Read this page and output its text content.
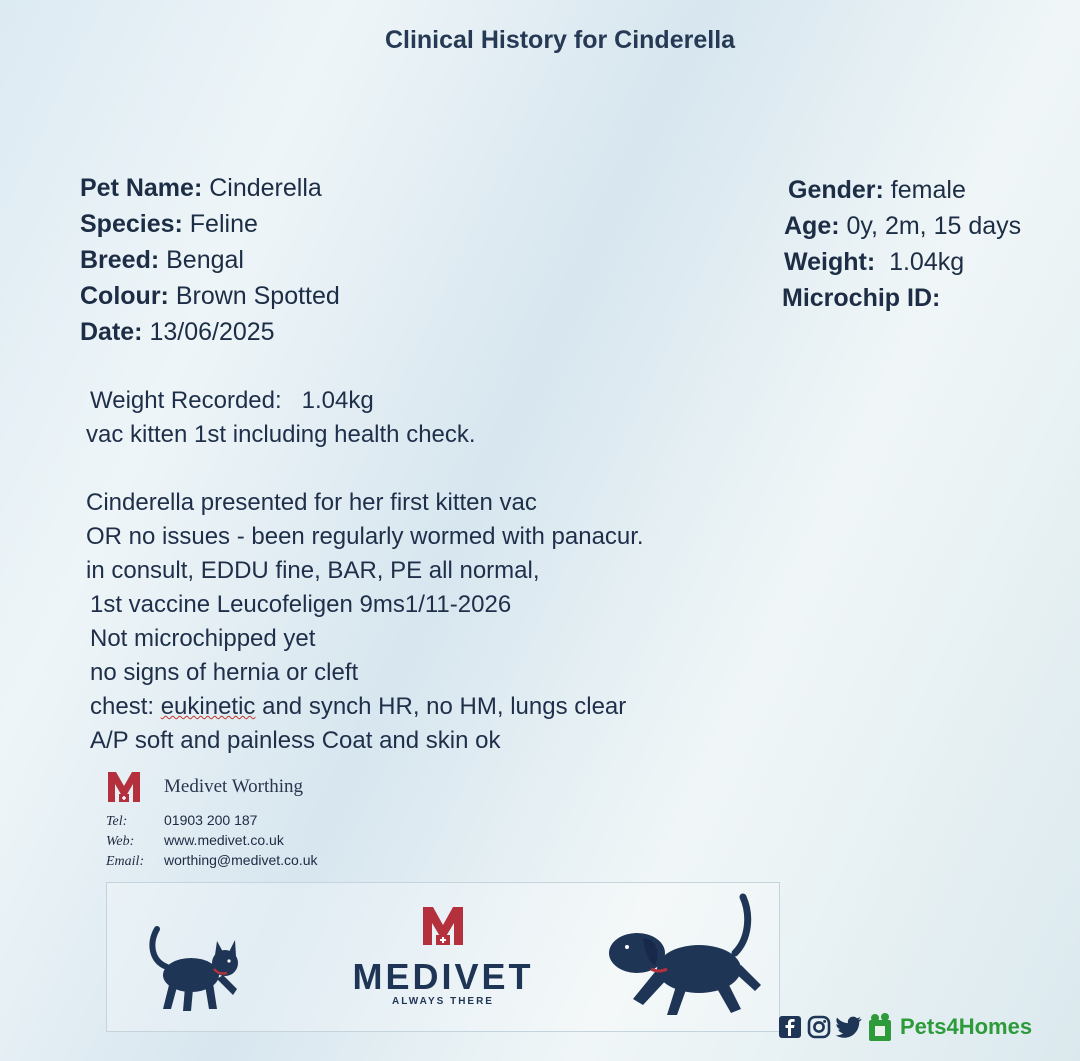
Clinical History for Cinderella
Pet Name: Cinderella
Species: Feline
Breed: Bengal
Colour: Brown Spotted
Date: 13/06/2025
Gender: female
Age: 0y, 2m, 15 days
Weight:  1.04kg
Microchip ID:
Weight Recorded:   1.04kg
vac kitten 1st including health check.
Cinderella presented for her first kitten vac
OR no issues - been regularly wormed with panacur.
in consult, EDDU fine, BAR, PE all normal,
1st vaccine Leucofeligen 9ms1/11-2026
Not microchipped yet
no signs of hernia or cleft
chest: eukinetic and synch HR, no HM, lungs clear
A/P soft and painless Coat and skin ok
Medivet Worthing
Tel:	01903 200 187
Web: www.medivet.co.uk
Email: worthing@medivet.co.uk
MEDIVET
ALWAYS THERE
Pets4Homes
